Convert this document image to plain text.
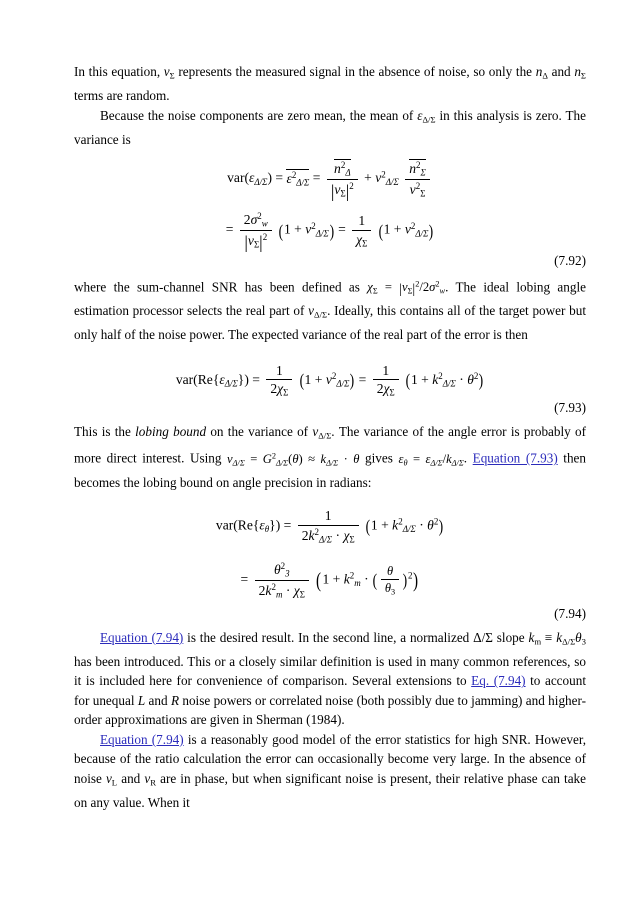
In this equation, vΣ represents the measured signal in the absence of noise, so only the nΔ and nΣ terms are random.

Because the noise components are zero mean, the mean of εΔ/Σ in this analysis is zero. The variance is

$var(\varepsilon_{\Delta/\Sigma}) = \varepsilon^2_{\Delta/\Sigma} = \frac{n^2_\Delta}{|v\Sigma|^2} + v^2_{\Delta/\Sigma} \frac{n^2_\Sigma}{v^2\Sigma}$
= $\frac{2\sigma^2_w}{|v\Sigma|^2} (1 + v^2_{\Delta/\Sigma}) = \frac{1}{\chi\Sigma} (1 + v^2_{\Delta/\Sigma})$
(7.92)

where the sum-channel SNR has been defined as $\chi\Sigma = |v\Sigma|^2/2\sigma^2_w$. The ideal lobing angle estimation processor selects the real part of vΔ/Σ. Ideally, this contains all of the target power but only half of the noise power. The expected variance of the real part of the error is then

$var(Re\{\varepsilon_{\Delta/\Sigma}\}) = \frac{1}{2\chi\Sigma} (1 + v^2_{\Delta/\Sigma}) = \frac{1}{2\chi\Sigma} (1 + k^2_{\Delta/\Sigma} \cdot \theta^2)$
(7.93)

This is the lobing bound on the variance of vΔ/Σ. The variance of the angle error is probably of more direct interest. Using $v_{\Delta/\Sigma} = G^2_{\Delta/\Sigma}(\theta) \approx k_{\Delta/\Sigma} \cdot \theta$ gives $\varepsilon_\theta = \varepsilon_{\Delta/\Sigma}/k_{\Delta/\Sigma}$. Equation (7.93) then becomes the lobing bound on angle precision in radians:

$var(Re\{\varepsilon_\theta\}) = \frac{1}{2k^2_{\Delta/\Sigma} \cdot \chi\Sigma} (1 + k^2_{\Delta/\Sigma} \cdot \theta^2)$
= $\frac{\theta^2_3}{2k^2_m \cdot \chi\Sigma} (1 + k^2_m$ · ( $\frac{\theta}{\theta 3} )^2$)
(7.94)

Equation (7.94) is the desired result. In the second line, a normalized Δ/Σ slope km ≡ kΔ/Σθ3 has been introduced. This or a closely similar definition is used in many common references, so it is included here for convenience of comparison. Several extensions to Eq. (7.94) to account for unequal L and R noise powers or correlated noise (both possibly due to jamming) and higher-order approximations are given in Sherman (1984).

Equation (7.94) is a reasonably good model of the error statistics for high SNR. However, because of the ratio calculation the error can occasionally become very large. In the absence of noise vL and vR are in phase, but when significant noise is present, their relative phase can take on any value. When it
